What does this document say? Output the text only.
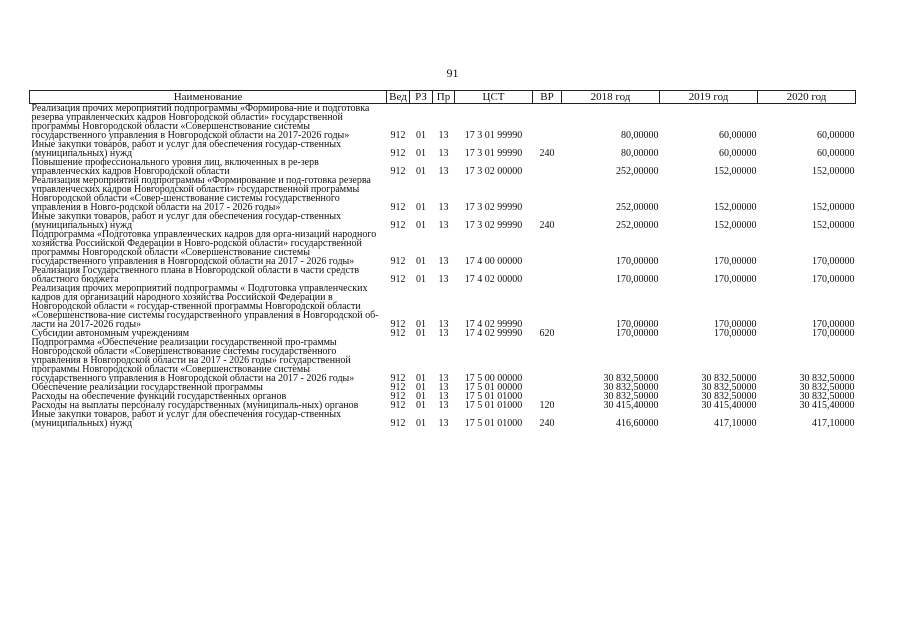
91
Наименование	Вед	РЗ	Пр	ЦСТ	ВР	2018 год	2019 год	2020 год
Реализация прочих мероприятий подпрограммы «Формирова-ние и подготовка резерва управленческих кадров Новгородской области» государственной программы Новгородской области «Совершенствование системы государственного управления в Новгородской области на 2017-2026 годы»	912	01	13	17 3 01 99990		80,00000	60,00000	60,00000
Иные закупки товаров, работ и услуг для обеспечения государ-ственных (муниципальных) нужд	912	01	13	17 3 01 99990	240	80,00000	60,00000	60,00000
Повышение профессионального уровня лиц, включенных в ре-зерв управленческих кадров Новгородской области	912	01	13	17 3 02 00000		252,00000	152,00000	152,00000
Реализация мероприятий подпрограммы «Формирование и под-готовка резерва управленческих кадров Новгородской области» государственной программы Новгородской области «Совер-шенствование системы государственного управления в Новго-родской области на 2017 - 2026 годы»	912	01	13	17 3 02 99990		252,00000	152,00000	152,00000
Иные закупки товаров, работ и услуг для обеспечения государ-ственных (муниципальных) нужд	912	01	13	17 3 02 99990	240	252,00000	152,00000	152,00000
Подпрограмма «Подготовка управленческих кадров для орга-низаций народного хозяйства Российской Федерации в Новго-родской области» государственной программы Новгородской области «Совершенствование системы государственного управления в Новгородской области на 2017 - 2026 годы»	912	01	13	17 4 00 00000		170,00000	170,00000	170,00000
Реализация Государственного плана в Новгородской области в части средств областного бюджета	912	01	13	17 4 02 00000		170,00000	170,00000	170,00000
Реализация прочих мероприятий подпрограммы « Подготовка управленческих кадров для организаций народного хозяйства Российской Федерации в Новгородской области « государ-ственной программы Новгородской области «Совершенствова-ние системы государственного управления в Новгородской об-ласти на 2017-2026 годы»	912	01	13	17 4 02 99990		170,00000	170,00000	170,00000
Субсидии автономным учреждениям	912	01	13	17 4 02 99990	620	170,00000	170,00000	170,00000
Подпрограмма «Обеспечение реализации государственной про-граммы Новгородской области «Совершенствование системы государственного управления в Новгородской области на 2017 - 2026 годы» государственной программы Новгородской области «Совершенствование системы государственного управления в Новгородской области на 2017 - 2026 годы»	912	01	13	17 5 00 00000		30 832,50000	30 832,50000	30 832,50000
Обеспечение реализации государственной программы	912	01	13	17 5 01 00000		30 832,50000	30 832,50000	30 832,50000
Расходы на обеспечение функций государственных органов	912	01	13	17 5 01 01000		30 832,50000	30 832,50000	30 832,50000
Расходы на выплаты персоналу государственных (муниципаль-ных) органов	912	01	13	17 5 01 01000	120	30 415,40000	30 415,40000	30 415,40000
Иные закупки товаров, работ и услуг для обеспечения государ-ственных (муниципальных) нужд	912	01	13	17 5 01 01000	240	416,60000	417,10000	417,10000
